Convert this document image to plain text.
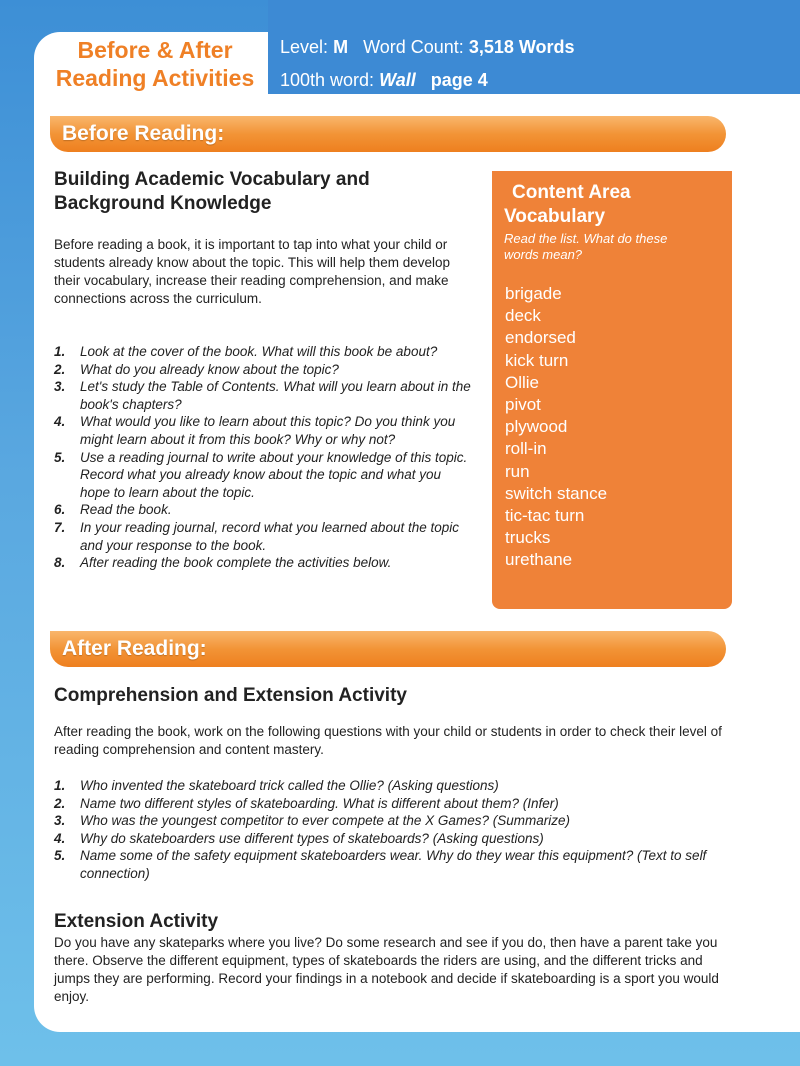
Before & After Reading Activities
Level: M Word Count: 3,518 Words
100th word: Wall page 4
Before Reading:
Building Academic Vocabulary and Background Knowledge
Before reading a book, it is important to tap into what your child or students already know about the topic. This will help them develop their vocabulary, increase their reading comprehension, and make connections across the curriculum.
1. Look at the cover of the book. What will this book be about?
2. What do you already know about the topic?
3. Let's study the Table of Contents. What will you learn about in the book's chapters?
4. What would you like to learn about this topic? Do you think you might learn about it from this book? Why or why not?
5. Use a reading journal to write about your knowledge of this topic. Record what you already know about the topic and what you hope to learn about the topic.
6. Read the book.
7. In your reading journal, record what you learned about the topic and your response to the book.
8. After reading the book complete the activities below.
Content Area
Vocabulary
Read the list. What do these words mean?
brigade
deck
endorsed
kick turn
Ollie
pivot
plywood
roll-in
run
switch stance
tic-tac turn
trucks
urethane
After Reading:
Comprehension and Extension Activity
After reading the book, work on the following questions with your child or students in order to check their level of reading comprehension and content mastery.
1. Who invented the skateboard trick called the Ollie? (Asking questions)
2. Name two different styles of skateboarding. What is different about them? (Infer)
3. Who was the youngest competitor to ever compete at the X Games? (Summarize)
4. Why do skateboarders use different types of skateboards? (Asking questions)
5. Name some of the safety equipment skateboarders wear. Why do they wear this equipment? (Text to self connection)
Extension Activity
Do you have any skateparks where you live? Do some research and see if you do, then have a parent take you there. Observe the different equipment, types of skateboards the riders are using, and the different tricks and jumps they are performing. Record your findings in a notebook and decide if skateboarding is a sport you would enjoy.
